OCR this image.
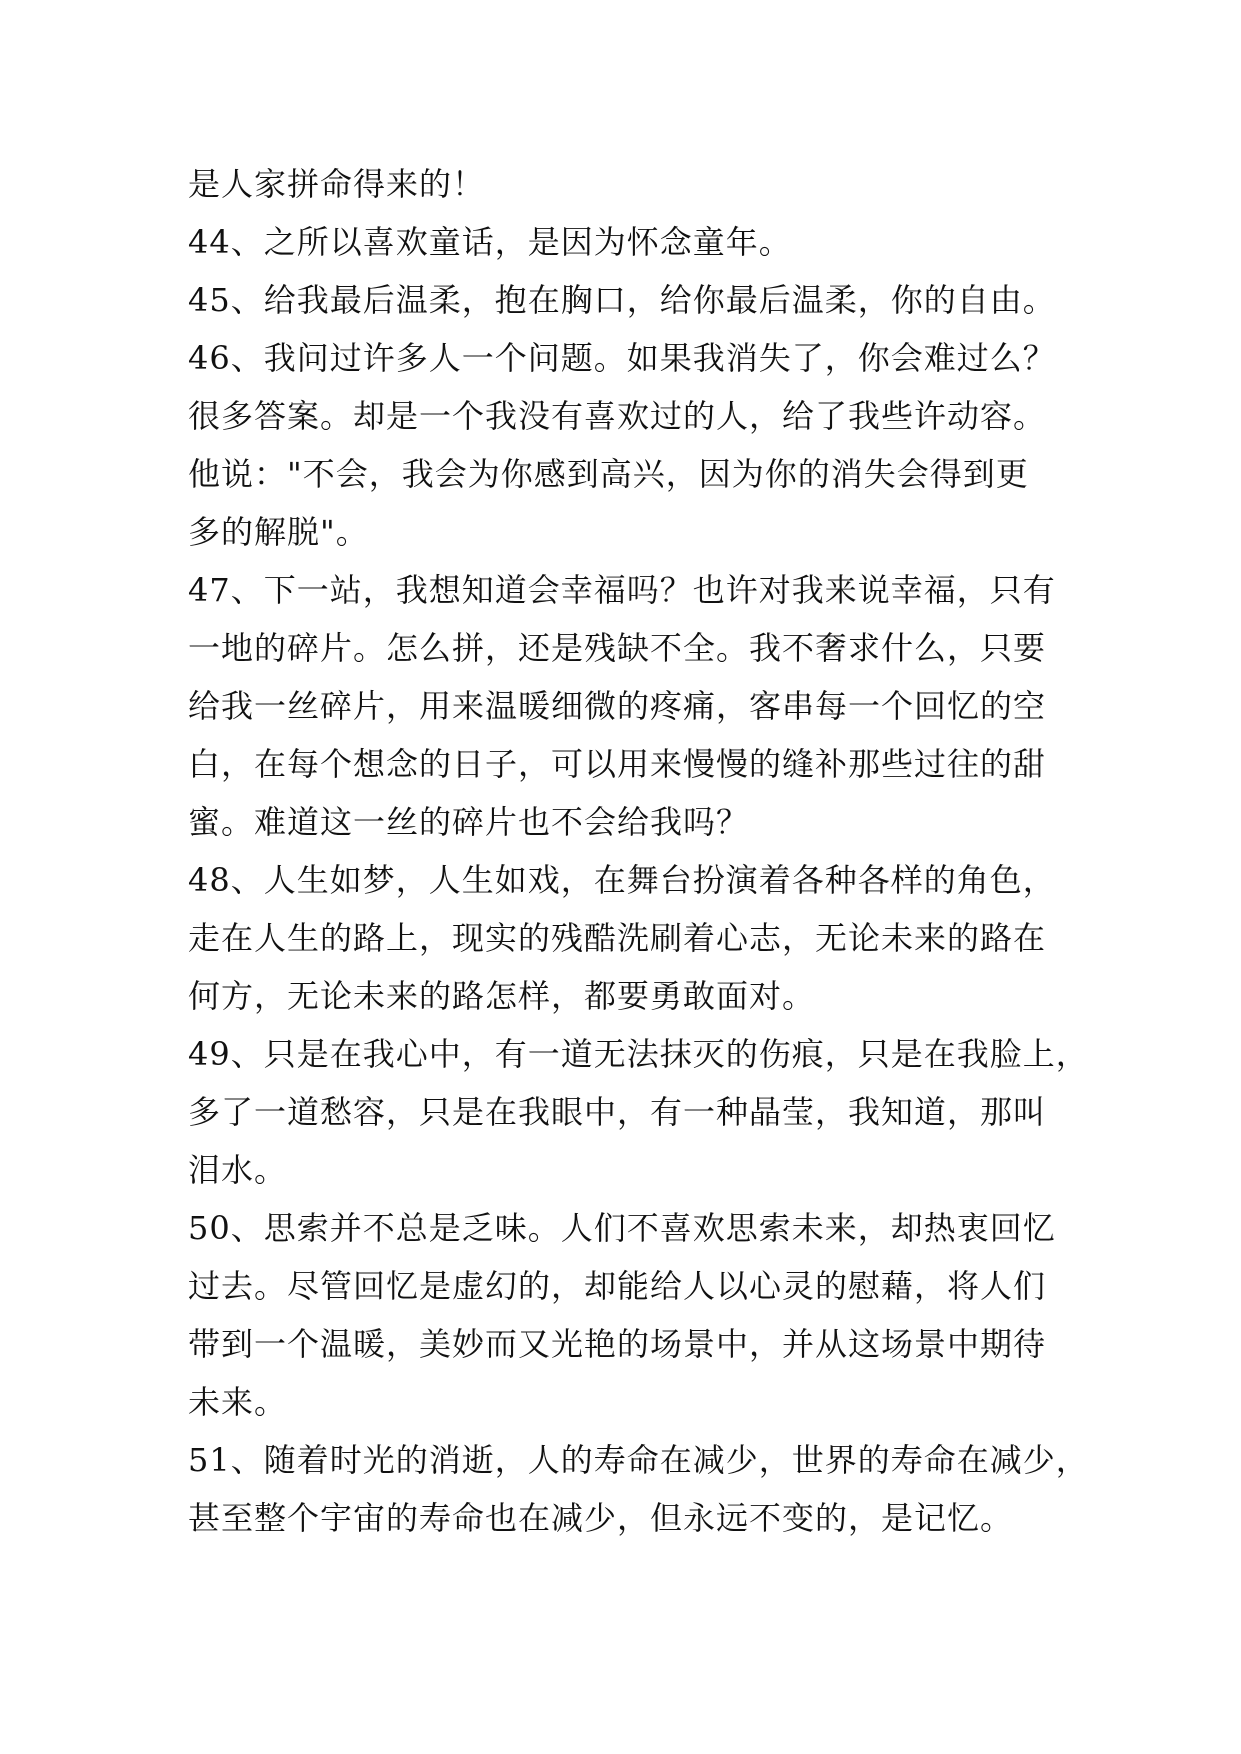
是人家拼命得来的！
44、之所以喜欢童话，是因为怀念童年。
45、给我最后温柔，抱在胸口，给你最后温柔，你的自由。
46、我问过许多人一个问题。如果我消失了，你会难过么？
很多答案。却是一个我没有喜欢过的人，给了我些许动容。
他说："不会，我会为你感到高兴，因为你的消失会得到更
多的解脱"。
47、下一站，我想知道会幸福吗？也许对我来说幸福，只有
一地的碎片。怎么拼，还是残缺不全。我不奢求什么，只要
给我一丝碎片，用来温暖细微的疼痛，客串每一个回忆的空
白，在每个想念的日子，可以用来慢慢的缝补那些过往的甜
蜜。难道这一丝的碎片也不会给我吗？
48、人生如梦，人生如戏，在舞台扮演着各种各样的角色，
走在人生的路上，现实的残酷洗刷着心志，无论未来的路在
何方，无论未来的路怎样，都要勇敢面对。
49、只是在我心中，有一道无法抹灭的伤痕，只是在我脸上，
多了一道愁容，只是在我眼中，有一种晶莹，我知道，那叫
泪水。
50、思索并不总是乏味。人们不喜欢思索未来，却热衷回忆
过去。尽管回忆是虚幻的，却能给人以心灵的慰藉，将人们
带到一个温暖，美妙而又光艳的场景中，并从这场景中期待
未来。
51、随着时光的消逝，人的寿命在减少，世界的寿命在减少，
甚至整个宇宙的寿命也在减少，但永远不变的，是记忆。
